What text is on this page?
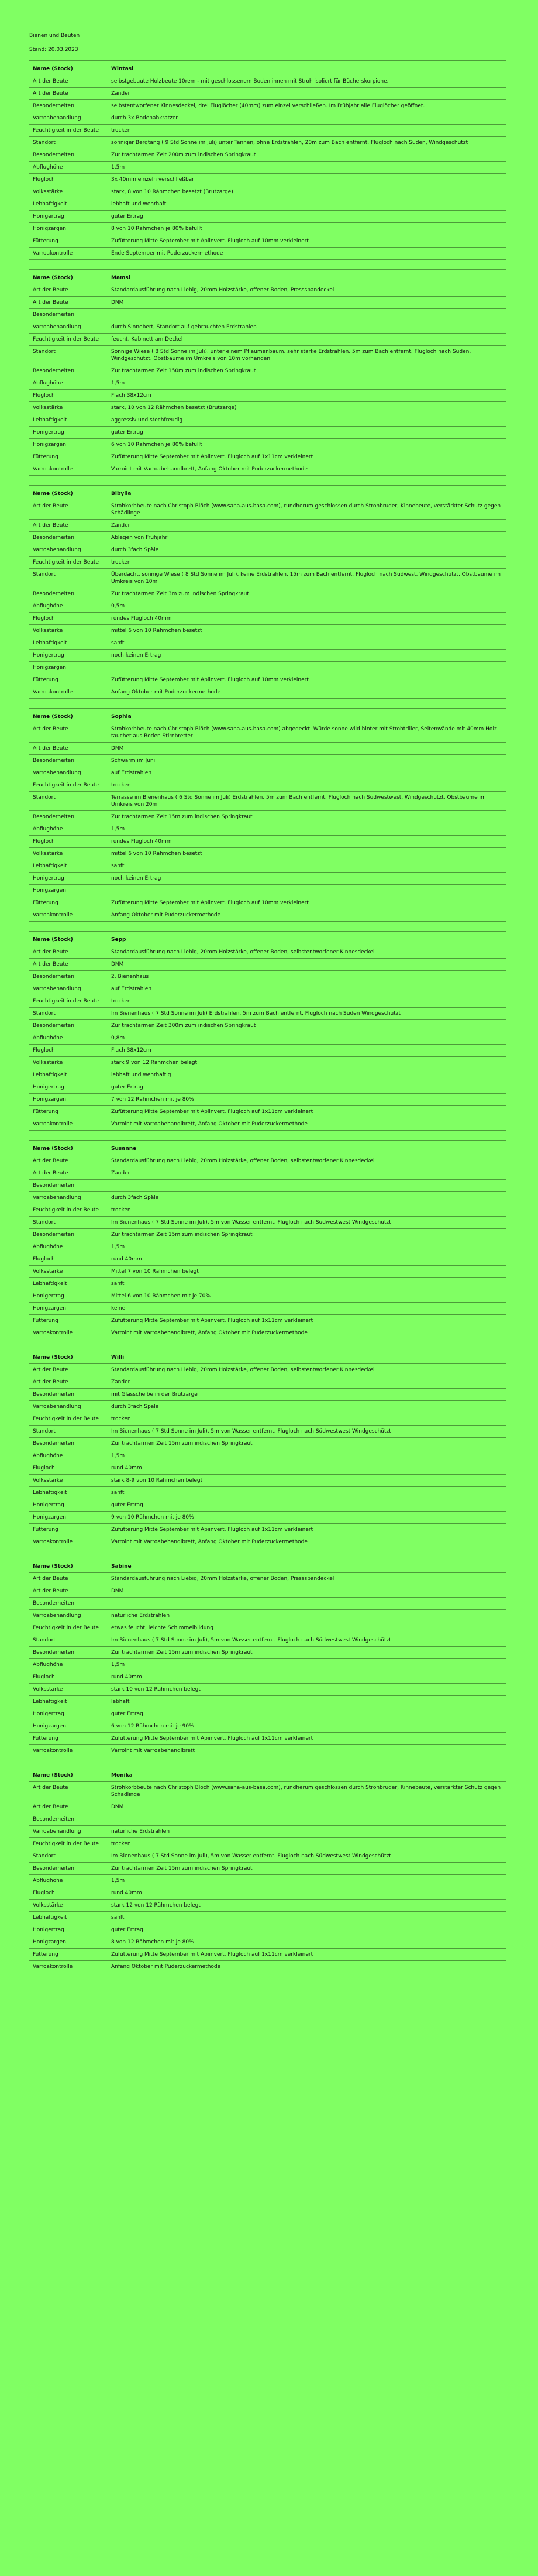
Bienen und Beuten
Stand: 20.03.2023
Name (Stock)	Wintasi
Art der Beute	selbstgebaute Holzbeute 10rem - mit geschlossenem Boden innen mit Stroh isoliert für Bücherskorpione.
Art der Beute	Zander
Besonderheiten	selbstentworfener Kinnesdeckel, drei Fluglöcher (40mm) zum einzel verschließen. Im Frühjahr alle Fluglöcher geöffnet.
Varroabehandlung	durch 3x Bodenabkratzer
Feuchtigkeit in der Beute	trocken
Standort	sonniger Bergtang ( 9 Std Sonne im Juli) unter Tannen, ohne Erdstrahlen, 20m zum Bach entfernt. Flugloch nach Süden, Windgeschützt
Besonderheiten	Zur trachtarmen Zeit 200m zum indischen Springkraut
Abflughöhe	1,5m
Flugloch	3x 40mm einzeln verschließbar
Volksstärke	stark, 8 von 10 Rähmchen besetzt (Brutzarge)
Lebhaftigkeit	lebhaft und wehrhaft
Honigertrag	guter Ertrag
Honigzargen	8 von 10 Rähmchen je 80% befüllt
Fütterung	Zufütterung Mitte September mit Apiinvert. Flugloch auf 10mm verkleinert
Varroakontrolle	Ende September mit Puderzuckermethode
Name (Stock)	Mamsi
Art der Beute	Standardausführung nach Liebig, 20mm Holzstärke, offener Boden, Pressspandeckel
Art der Beute	DNM
Besonderheiten	
Varroabehandlung	durch Sinnebert, Standort auf gebrauchten Erdstrahlen
Feuchtigkeit in der Beute	feucht, Kabinett am Deckel
Standort	Sonnige Wiese ( 8 Std Sonne im Juli), unter einem Pflaumenbaum, sehr starke Erdstrahlen, 5m zum Bach entfernt. Flugloch nach Süden, Windgeschützt, Obstbäume im Umkreis von 10m vorhanden
Besonderheiten	Zur trachtarmen Zeit 150m zum indischen Springkraut
Abflughöhe	1,5m
Flugloch	Flach 38x12cm
Volksstärke	stark, 10 von 12 Rähmchen besetzt (Brutzarge)
Lebhaftigkeit	aggressiv und stechfreudig
Honigertrag	guter Ertrag
Honigzargen	6 von 10 Rähmchen je 80% befüllt
Fütterung	Zufütterung Mitte September mit Apiinvert. Flugloch auf 1x11cm verkleinert
Varroakontrolle	Varroint mit Varroabehandlbrett, Anfang Oktober mit Puderzuckermethode
Name (Stock)	Bibylla
Art der Beute	Strohkorbbeute nach Christoph Blöch (www.sana-aus-basa.com), rundherum geschlossen durch Strohbruder, Kinnebeute, verstärkter Schutz gegen Schädlinge
Art der Beute	Zander
Besonderheiten	Ablegen von Frühjahr
Varroabehandlung	durch 3fach Späle
Feuchtigkeit in der Beute	trocken
Standort	Überdacht, sonnige Wiese ( 8 Std Sonne im Juli), keine Erdstrahlen, 15m zum Bach entfernt. Flugloch nach Südwest, Windgeschützt, Obstbäume im Umkreis von 10m
Besonderheiten	Zur trachtarmen Zeit 3m zum indischen Springkraut
Abflughöhe	0,5m
Flugloch	rundes Flugloch 40mm
Volksstärke	mittel 6 von 10 Rähmchen besetzt
Lebhaftigkeit	sanft
Honigertrag	noch keinen Ertrag
Honigzargen	
Fütterung	Zufütterung Mitte September mit Apiinvert. Flugloch auf 10mm verkleinert
Varroakontrolle	Anfang Oktober mit Puderzuckermethode
Name (Stock)	Sophia
Art der Beute	Strohkorbbeute nach Christoph Blöch (www.sana-aus-basa.com) abgedeckt. Würde sonne wild hinter mit Strohtriller, Seitenwände mit 40mm Holz tauchet aus Boden Stirnbretter
Art der Beute	DNM
Besonderheiten	Schwarm im Juni
Varroabehandlung	auf Erdstrahlen
Feuchtigkeit in der Beute	trocken
Standort	Terrasse im Bienenhaus ( 6 Std Sonne im Juli) Erdstrahlen, 5m zum Bach entfernt. Flugloch nach Südwestwest, Windgeschützt, Obstbäume im Umkreis von 20m
Besonderheiten	Zur trachtarmen Zeit 15m zum indischen Springkraut
Abflughöhe	1,5m
Flugloch	rundes Flugloch 40mm
Volksstärke	mittel 6 von 10 Rähmchen besetzt
Lebhaftigkeit	sanft
Honigertrag	noch keinen Ertrag
Honigzargen	
Fütterung	Zufütterung Mitte September mit Apiinvert. Flugloch auf 10mm verkleinert
Varroakontrolle	Anfang Oktober mit Puderzuckermethode
Name (Stock)	Sepp
Art der Beute	Standardausführung nach Liebig, 20mm Holzstärke, offener Boden, selbstentworfener Kinnesdeckel
Art der Beute	DNM
Besonderheiten	2. Bienenhaus
Varroabehandlung	auf Erdstrahlen
Feuchtigkeit in der Beute	trocken
Standort	Im Bienenhaus ( 7 Std Sonne im Juli) Erdstrahlen, 5m zum Bach entfernt. Flugloch nach Süden Windgeschützt
Besonderheiten	Zur trachtarmen Zeit 300m zum indischen Springkraut
Abflughöhe	0,8m
Flugloch	Flach 38x12cm
Volksstärke	stark 9 von 12 Rähmchen belegt
Lebhaftigkeit	lebhaft und wehrhaftig
Honigertrag	guter Ertrag
Honigzargen	7 von 12 Rähmchen mit je 80%
Fütterung	Zufütterung Mitte September mit Apiinvert. Flugloch auf 1x11cm verkleinert
Varroakontrolle	Varroint mit Varroabehandlbrett, Anfang Oktober mit Puderzuckermethode
Name (Stock)	Susanne
Art der Beute	Standardausführung nach Liebig, 20mm Holzstärke, offener Boden, selbstentworfener Kinnesdeckel
Art der Beute	Zander
Besonderheiten	
Varroabehandlung	durch 3fach Späle
Feuchtigkeit in der Beute	trocken
Standort	Im Bienenhaus ( 7 Std Sonne im Juli), 5m von Wasser entfernt. Flugloch nach Südwestwest Windgeschützt
Besonderheiten	Zur trachtarmen Zeit 15m zum indischen Springkraut
Abflughöhe	1,5m
Flugloch	rund 40mm
Volksstärke	Mittel 7 von 10 Rähmchen belegt
Lebhaftigkeit	sanft
Honigertrag	Mittel 6 von 10 Rähmchen mit je 70%
Honigzargen	keine
Fütterung	Zufütterung Mitte September mit Apiinvert. Flugloch auf 1x11cm verkleinert
Varroakontrolle	Varroint mit Varroabehandlbrett, Anfang Oktober mit Puderzuckermethode
Name (Stock)	Willi
Art der Beute	Standardausführung nach Liebig, 20mm Holzstärke, offener Boden, selbstentworfener Kinnesdeckel
Art der Beute	Zander
Besonderheiten	mit Glasscheibe in der Brutzarge
Varroabehandlung	durch 3fach Späle
Feuchtigkeit in der Beute	trocken
Standort	Im Bienenhaus ( 7 Std Sonne im Juli), 5m von Wasser entfernt. Flugloch nach Südwestwest Windgeschützt
Besonderheiten	Zur trachtarmen Zeit 15m zum indischen Springkraut
Abflughöhe	1,5m
Flugloch	rund 40mm
Volksstärke	stark 8-9 von 10 Rähmchen belegt
Lebhaftigkeit	sanft
Honigertrag	guter Ertrag
Honigzargen	9 von 10 Rähmchen mit je 80%
Fütterung	Zufütterung Mitte September mit Apiinvert. Flugloch auf 1x11cm verkleinert
Varroakontrolle	Varroint mit Varroabehandlbrett, Anfang Oktober mit Puderzuckermethode
Name (Stock)	Sabine
Art der Beute	Standardausführung nach Liebig, 20mm Holzstärke, offener Boden, Pressspandeckel
Art der Beute	DNM
Besonderheiten	
Varroabehandlung	natürliche Erdstrahlen
Feuchtigkeit in der Beute	etwas feucht, leichte Schimmelbildung
Standort	Im Bienenhaus ( 7 Std Sonne im Juli), 5m von Wasser entfernt. Flugloch nach Südwestwest Windgeschützt
Besonderheiten	Zur trachtarmen Zeit 15m zum indischen Springkraut
Abflughöhe	1,5m
Flugloch	rund 40mm
Volksstärke	stark 10 von 12 Rähmchen belegt
Lebhaftigkeit	lebhaft
Honigertrag	guter Ertrag
Honigzargen	6 von 12 Rähmchen mit je 90%
Fütterung	Zufütterung Mitte September mit Apiinvert. Flugloch auf 1x11cm verkleinert
Varroakontrolle	Varroint mit Varroabehandlbrett
Name (Stock)	Monika
Art der Beute	Strohkorbbeute nach Christoph Blöch (www.sana-aus-basa.com), rundherum geschlossen durch Strohbruder, Kinnebeute, verstärkter Schutz gegen Schädlinge
Art der Beute	DNM
Besonderheiten	
Varroabehandlung	natürliche Erdstrahlen
Feuchtigkeit in der Beute	trocken
Standort	Im Bienenhaus ( 7 Std Sonne im Juli), 5m von Wasser entfernt. Flugloch nach Südwestwest Windgeschützt
Besonderheiten	Zur trachtarmen Zeit 15m zum indischen Springkraut
Abflughöhe	1,5m
Flugloch	rund 40mm
Volksstärke	stark 12 von 12 Rähmchen belegt
Lebhaftigkeit	sanft
Honigertrag	guter Ertrag
Honigzargen	8 von 12 Rähmchen mit je 80%
Fütterung	Zufütterung Mitte September mit Apiinvert. Flugloch auf 1x11cm verkleinert
Varroakontrolle	Anfang Oktober mit Puderzuckermethode
